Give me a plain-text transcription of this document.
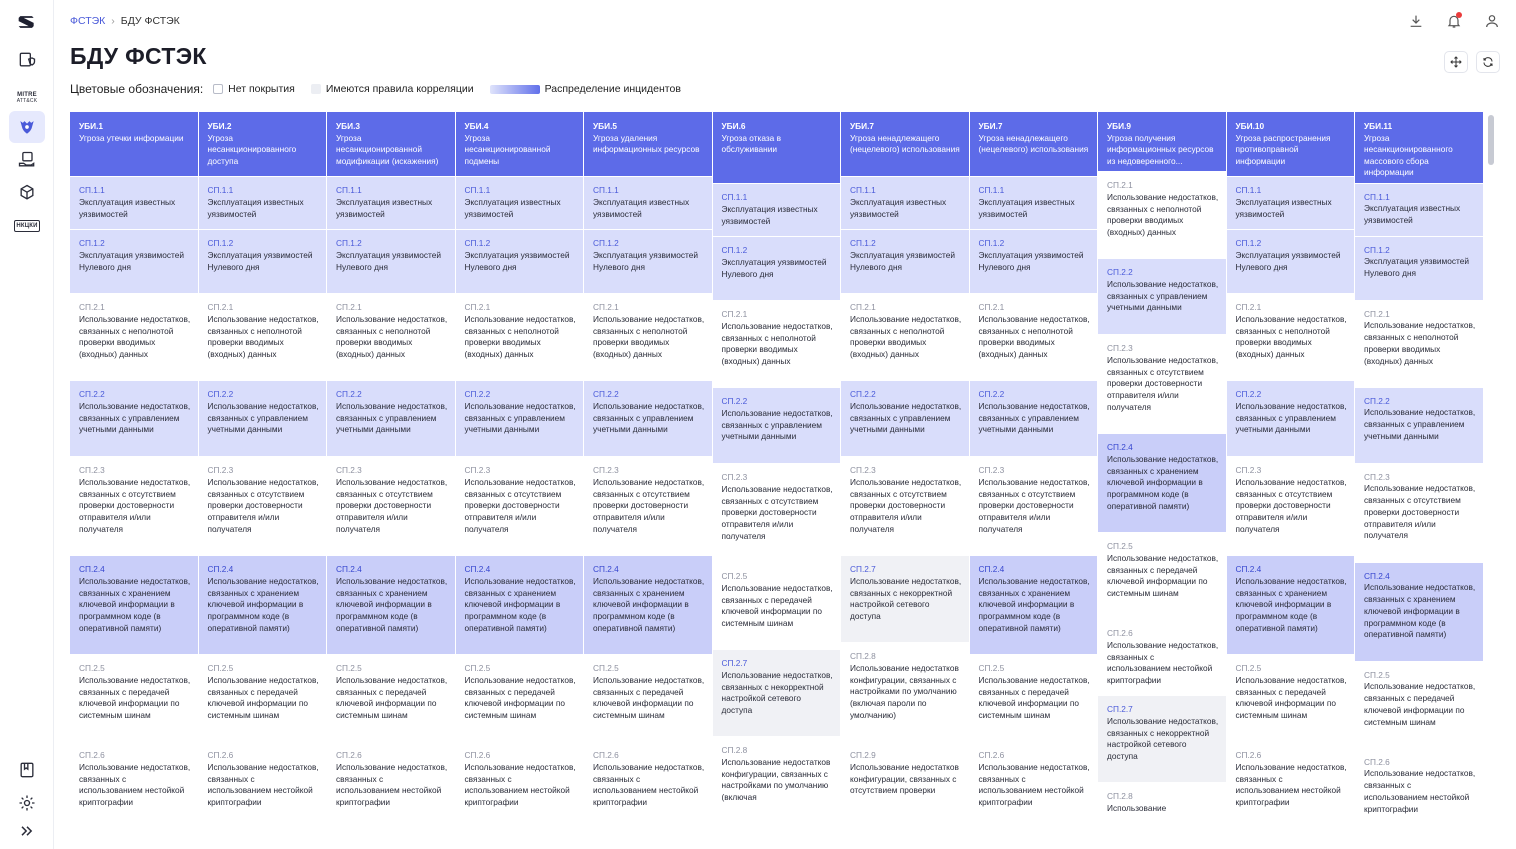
MITRE
ATT&CK
НКЦКИ
ФСТЭК › БДУ ФСТЭК
БДУ ФСТЭК
Цветовые обозначения: Нет покрытия	Имеются правила корреляции	Распределение инцидентов
УБИ.1
Угроза утечки информации
СП.1.1
Эксплуатация известных уязвимостей
СП.1.2
Эксплуатация уязвимостей Нулевого дня
СП.2.1
Использование недостатков, связанных с неполнотой проверки вводимых (входных) данных
СП.2.2
Использование недостатков, связанных с управлением учетными данными
СП.2.3
Использование недостатков, связанных с отсутствием проверки достоверности отправителя и/или получателя
СП.2.4
Использование недостатков, связанных с хранением ключевой информации в программном коде (в оперативной памяти)
СП.2.5
Использование недостатков, связанных с передачей ключевой информации по системным шинам
СП.2.6
Использование недостатков, связанных с использованием нестойкой криптографии
УБИ.2
Угроза несанкционированного доступа
СП.1.1
Эксплуатация известных уязвимостей
СП.1.2
Эксплуатация уязвимостей Нулевого дня
СП.2.1
Использование недостатков, связанных с неполнотой проверки вводимых (входных) данных
СП.2.2
Использование недостатков, связанных с управлением учетными данными
СП.2.3
Использование недостатков, связанных с отсутствием проверки достоверности отправителя и/или получателя
СП.2.4
Использование недостатков, связанных с хранением ключевой информации в программном коде (в оперативной памяти)
СП.2.5
Использование недостатков, связанных с передачей ключевой информации по системным шинам
СП.2.6
Использование недостатков, связанных с использованием нестойкой криптографии
УБИ.3
Угроза несанкционированной модификации (искажения)
СП.1.1
Эксплуатация известных уязвимостей
СП.1.2
Эксплуатация уязвимостей Нулевого дня
СП.2.1
Использование недостатков, связанных с неполнотой проверки вводимых (входных) данных
СП.2.2
Использование недостатков, связанных с управлением учетными данными
СП.2.3
Использование недостатков, связанных с отсутствием проверки достоверности отправителя и/или получателя
СП.2.4
Использование недостатков, связанных с хранением ключевой информации в программном коде (в оперативной памяти)
СП.2.5
Использование недостатков, связанных с передачей ключевой информации по системным шинам
СП.2.6
Использование недостатков, связанных с использованием нестойкой криптографии
УБИ.4
Угроза несанкционированной подмены
СП.1.1
Эксплуатация известных уязвимостей
СП.1.2
Эксплуатация уязвимостей Нулевого дня
СП.2.1
Использование недостатков, связанных с неполнотой проверки вводимых (входных) данных
СП.2.2
Использование недостатков, связанных с управлением учетными данными
СП.2.3
Использование недостатков, связанных с отсутствием проверки достоверности отправителя и/или получателя
СП.2.4
Использование недостатков, связанных с хранением ключевой информации в программном коде (в оперативной памяти)
СП.2.5
Использование недостатков, связанных с передачей ключевой информации по системным шинам
СП.2.6
Использование недостатков, связанных с использованием нестойкой криптографии
УБИ.5
Угроза удаления информационных ресурсов
СП.1.1
Эксплуатация известных уязвимостей
СП.1.2
Эксплуатация уязвимостей Нулевого дня
СП.2.1
Использование недостатков, связанных с неполнотой проверки вводимых (входных) данных
СП.2.2
Использование недостатков, связанных с управлением учетными данными
СП.2.3
Использование недостатков, связанных с отсутствием проверки достоверности отправителя и/или получателя
СП.2.4
Использование недостатков, связанных с хранением ключевой информации в программном коде (в оперативной памяти)
СП.2.5
Использование недостатков, связанных с передачей ключевой информации по системным шинам
СП.2.6
Использование недостатков, связанных с использованием нестойкой криптографии
УБИ.6
Угроза отказа в обслуживании
СП.1.1
Эксплуатация известных уязвимостей
СП.1.2
Эксплуатация уязвимостей Нулевого дня
СП.2.1
Использование недостатков, связанных с неполнотой проверки вводимых (входных) данных
СП.2.2
Использование недостатков, связанных с управлением учетными данными
СП.2.3
Использование недостатков, связанных с отсутствием проверки достоверности отправителя и/или получателя
СП.2.5
Использование недостатков, связанных с передачей ключевой информации по системным шинам
СП.2.7
Использование недостатков, связанных с некорректной настройкой сетевого доступа
СП.2.8
Использование недостатков конфигурации, связанных с настройками по умолчанию (включая
УБИ.7
Угроза ненадлежащего (нецелевого) использования
СП.1.1
Эксплуатация известных уязвимостей
СП.1.2
Эксплуатация уязвимостей Нулевого дня
СП.2.1
Использование недостатков, связанных с неполнотой проверки вводимых (входных) данных
СП.2.2
Использование недостатков, связанных с управлением учетными данными
СП.2.3
Использование недостатков, связанных с отсутствием проверки достоверности отправителя и/или получателя
СП.2.7
Использование недостатков, связанных с некорректной настройкой сетевого доступа
СП.2.8
Использование недостатков конфигурации, связанных с настройками по умолчанию (включая пароли по умолчанию)
СП.2.9
Использование недостатков конфигурации, связанных с отсутствием проверки
УБИ.7
Угроза ненадлежащего (нецелевого) использования
СП.1.1
Эксплуатация известных уязвимостей
СП.1.2
Эксплуатация уязвимостей Нулевого дня
СП.2.1
Использование недостатков, связанных с неполнотой проверки вводимых (входных) данных
СП.2.2
Использование недостатков, связанных с управлением учетными данными
СП.2.3
Использование недостатков, связанных с отсутствием проверки достоверности отправителя и/или получателя
СП.2.4
Использование недостатков, связанных с хранением ключевой информации в программном коде (в оперативной памяти)
СП.2.5
Использование недостатков, связанных с передачей ключевой информации по системным шинам
СП.2.6
Использование недостатков, связанных с использованием нестойкой криптографии
УБИ.9
Угроза получения информационных ресурсов из недоверенного...
СП.2.1
Использование недостатков, связанных с неполнотой проверки вводимых (входных) данных
СП.2.2
Использование недостатков, связанных с управлением учетными данными
СП.2.3
Использование недостатков, связанных с отсутствием проверки достоверности отправителя и/или получателя
СП.2.4
Использование недостатков, связанных с хранением ключевой информации в программном коде (в оперативной памяти)
СП.2.5
Использование недостатков, связанных с передачей ключевой информации по системным шинам
СП.2.6
Использование недостатков, связанных с использованием нестойкой криптографии
СП.2.7
Использование недостатков, связанных с некорректной настройкой сетевого доступа
СП.2.8
Использование
УБИ.10
Угроза распространения противоправной информации
СП.1.1
Эксплуатация известных уязвимостей
СП.1.2
Эксплуатация уязвимостей Нулевого дня
СП.2.1
Использование недостатков, связанных с неполнотой проверки вводимых (входных) данных
СП.2.2
Использование недостатков, связанных с управлением учетными данными
СП.2.3
Использование недостатков, связанных с отсутствием проверки достоверности отправителя и/или получателя
СП.2.4
Использование недостатков, связанных с хранением ключевой информации в программном коде (в оперативной памяти)
СП.2.5
Использование недостатков, связанных с передачей ключевой информации по системным шинам
СП.2.6
Использование недостатков, связанных с использованием нестойкой криптографии
УБИ.11
Угроза несанкционированного массового сбора информации
СП.1.1
Эксплуатация известных уязвимостей
СП.1.2
Эксплуатация уязвимостей Нулевого дня
СП.2.1
Использование недостатков, связанных с неполнотой проверки вводимых (входных) данных
СП.2.2
Использование недостатков, связанных с управлением учетными данными
СП.2.3
Использование недостатков, связанных с отсутствием проверки достоверности отправителя и/или получателя
СП.2.4
Использование недостатков, связанных с хранением ключевой информации в программном коде (в оперативной памяти)
СП.2.5
Использование недостатков, связанных с передачей ключевой информации по системным шинам
СП.2.6
Использование недостатков, связанных с использованием нестойкой криптографии
